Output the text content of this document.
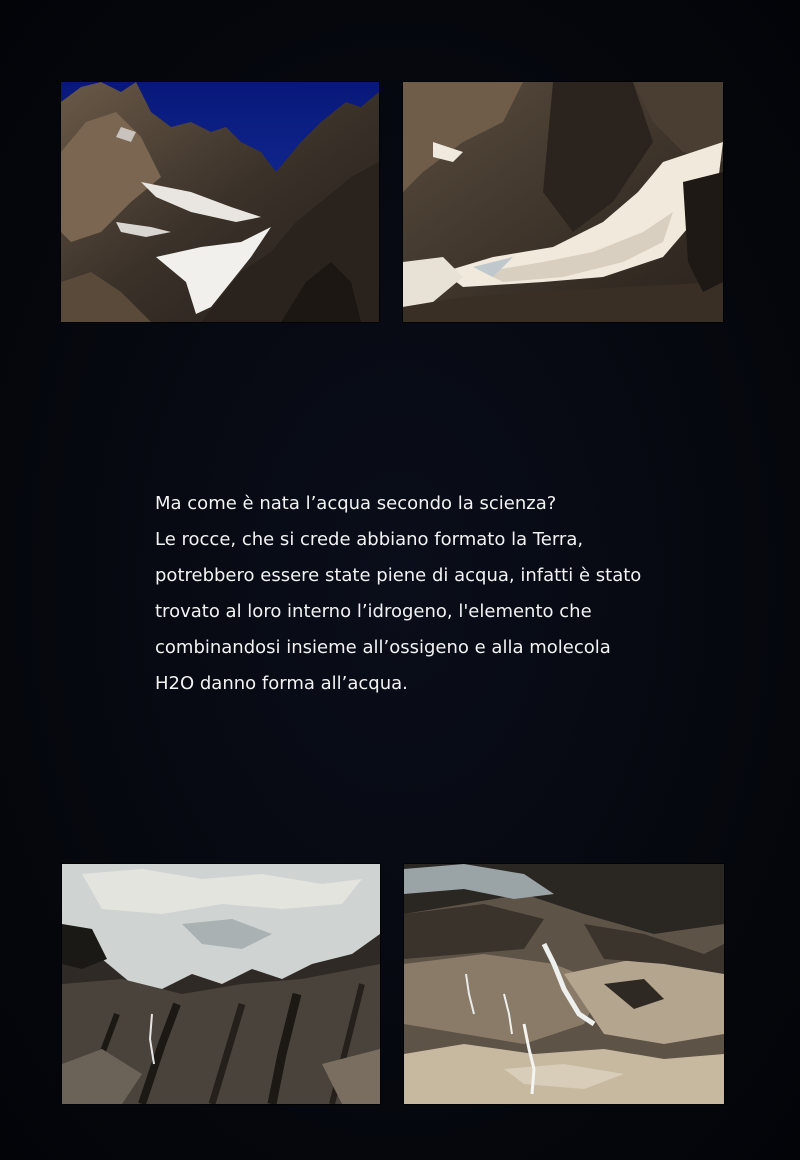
Ma come è nata l’acqua secondo la scienza?

Le rocce, che si crede abbiano formato la Terra,

potrebbero essere state piene di acqua, infatti è stato

trovato al loro interno l’idrogeno, l'elemento che

combinandosi insieme all’ossigeno e alla molecola

H2O danno forma all’acqua.
